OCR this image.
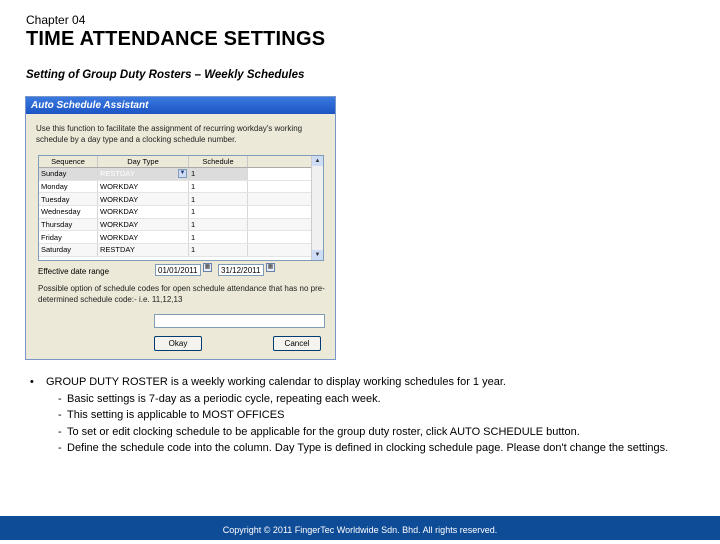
Chapter 04
TIME ATTENDANCE SETTINGS
Setting of Group Duty Rosters – Weekly Schedules
Auto Schedule Assistant
Use this function to facilitate the assignment of recurring workday's working schedule by a day type and a clocking schedule number.
Sequence	Day Type	Schedule	
Sunday	RESTDAY ▼	1	
Monday	WORKDAY	1	
Tuesday	WORKDAY	1	
Wednesday	WORKDAY	1	
Thursday	WORKDAY	1	
Friday	WORKDAY	1	
Saturday	RESTDAY	1	
▲
▼
Effective date range	01/01/2011	▦	31/12/2011	▦
Possible option of schedule codes for open schedule attendance that has no pre-determined schedule code:- i.e. 11,12,13
Okay	Cancel
• GROUP DUTY ROSTER is a weekly working calendar to display working schedules for 1 year.
- Basic settings is 7-day as a periodic cycle, repeating each week.
- This setting is applicable to MOST OFFICES
- To set or edit clocking schedule to be applicable for the group duty roster, click AUTO SCHEDULE button.
- Define the schedule code into the column. Day Type is defined in clocking schedule page. Please don't change the settings.
Copyright © 2011 FingerTec Worldwide Sdn. Bhd. All rights reserved.
